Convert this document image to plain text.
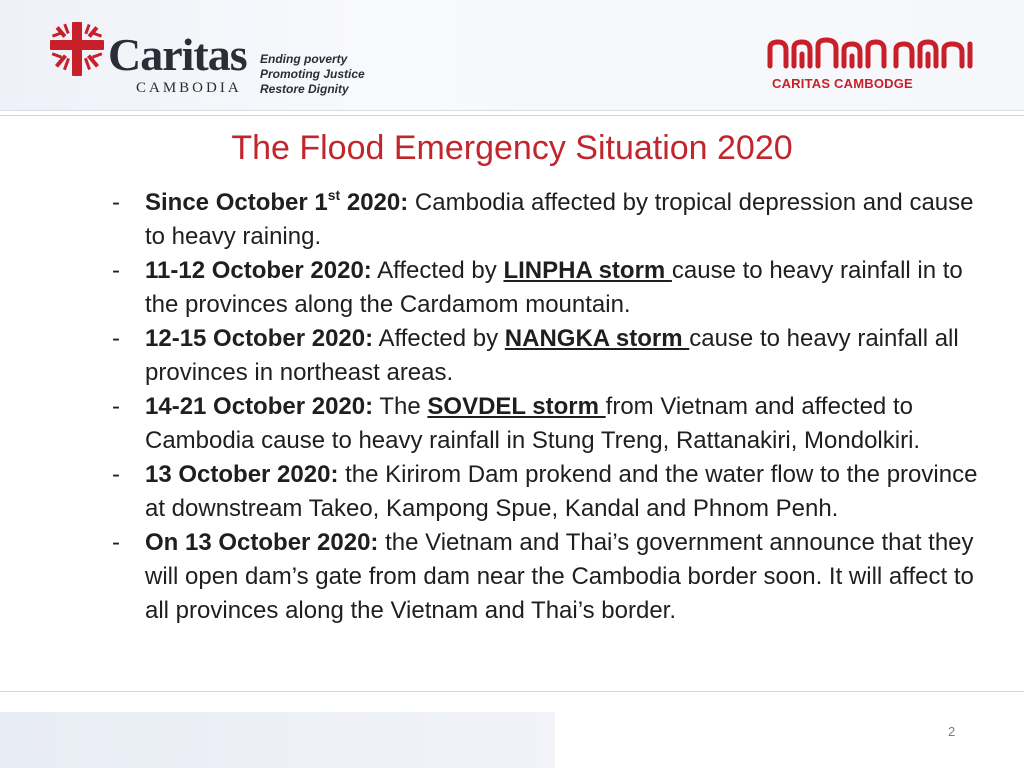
Caritas
CAMBODIA
Ending poverty
Promoting Justice
Restore Dignity	CARITAS CAMBODGE
The Flood Emergency Situation 2020
- Since October 1st 2020: Cambodia affected by tropical depression and cause to heavy raining.
- 11-12 October 2020: Affected by LINPHA storm cause to heavy rainfall in to the provinces along the Cardamom mountain.
- 12-15 October 2020: Affected by NANGKA storm cause to heavy rainfall all provinces in northeast areas.
- 14-21 October 2020: The SOVDEL storm from Vietnam and affected to Cambodia cause to heavy rainfall in Stung Treng, Rattanakiri, Mondolkiri.
- 13 October 2020: the Kirirom Dam prokend and the water flow to the province at downstream Takeo, Kampong Spue, Kandal and Phnom Penh.
- On 13 October 2020: the Vietnam and Thai’s government announce that they will open dam’s gate from dam near the Cambodia border soon. It will affect to all provinces along the Vietnam and Thai’s border.
2
